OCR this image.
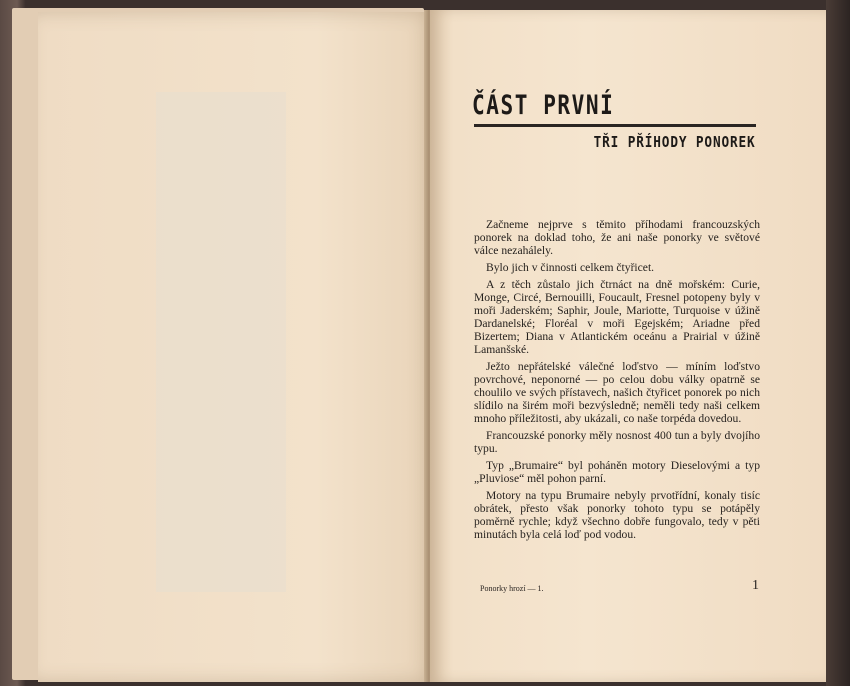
ČÁST PRVNÍ
TŘI PŘÍHODY PONOREK

Začneme nejprve s těmito příhodami francouzských ponorek na doklad toho, že ani naše ponorky ve světové válce nezahálely.

Bylo jich v činnosti celkem čtyřicet.

A z těch zůstalo jich čtrnáct na dně mořském: Curie, Monge, Circé, Bernouilli, Foucault, Fresnel potopeny byly v moři Jaderském; Saphir, Joule, Mariotte, Turquoise v úžině Dardanelské; Floréal v moři Egejském; Ariadne před Bizertem; Diana v Atlantickém oceánu a Prairial v úžině Lamanšské.

Ježto nepřátelské válečné loďstvo — míním loďstvo povrchové, neponorné — po celou dobu války opatrně se choulilo ve svých přístavech, našich čtyřicet ponorek po nich slídilo na širém moři bezvýsledně; neměli tedy naši celkem mnoho příležitosti, aby ukázali, co naše torpéda dovedou.

Francouzské ponorky měly nosnost 400 tun a byly dvojího typu.

Typ „Brumaire“ byl poháněn motory Dieselovými a typ „Pluviose“ měl pohon parní.

Motory na typu Brumaire nebyly prvotřídní, konaly tisíc obrátek, přesto však ponorky tohoto typu se potápěly poměrně rychle; když všechno dobře fungovalo, tedy v pěti minutách byla celá loď pod vodou.

Ponorky hrozí — 1.	1
